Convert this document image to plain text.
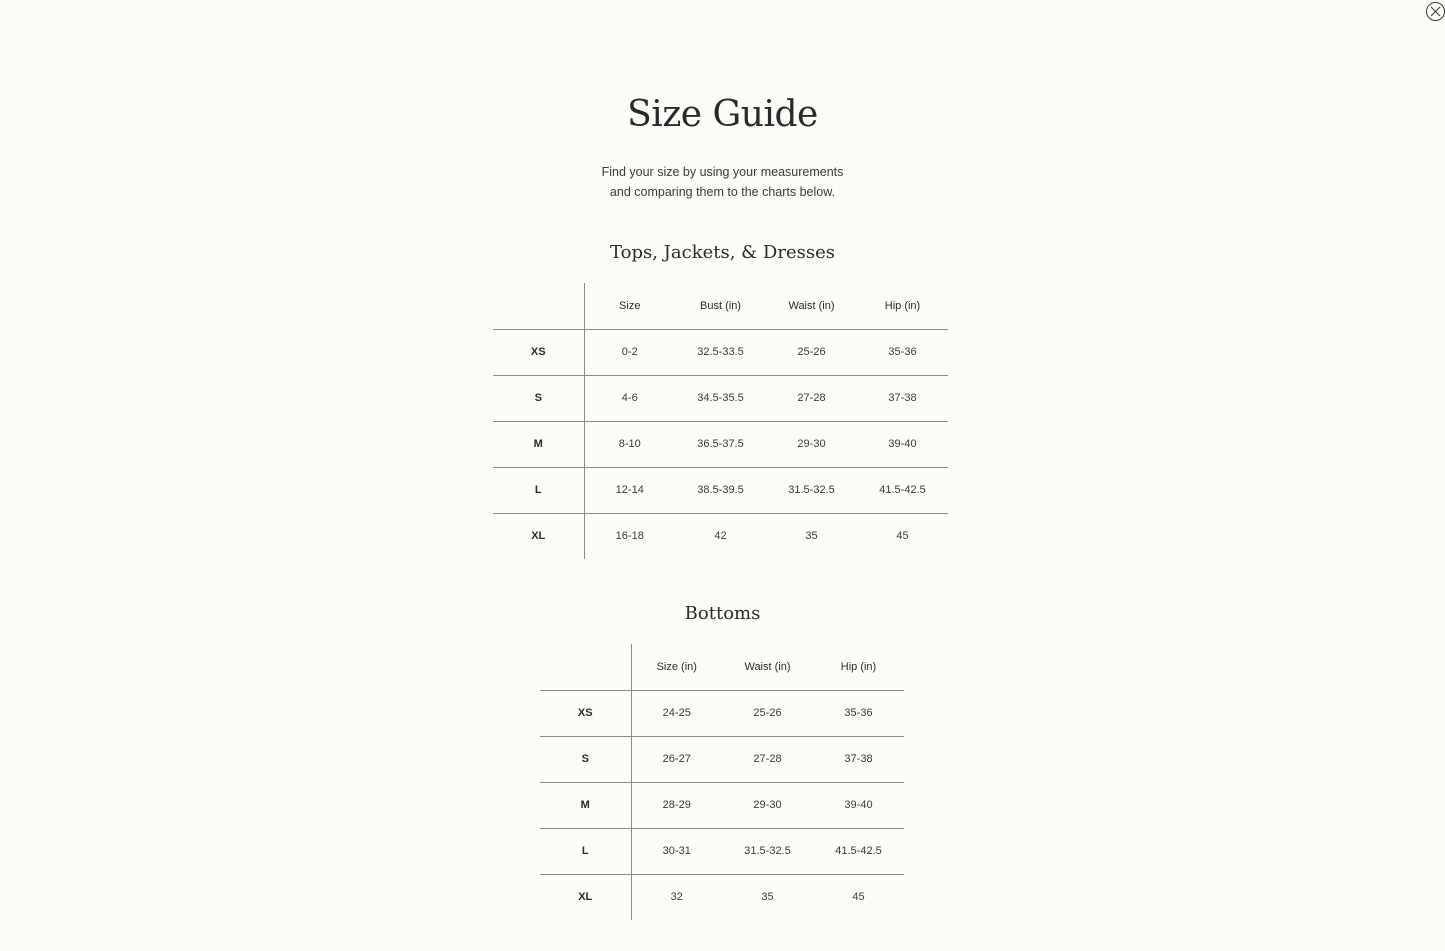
Size Guide
Find your size by using your measurements
and comparing them to the charts below.
Tops, Jackets, & Dresses
	Size	Bust (in)	Waist (in)	Hip (in)
XS	0-2	32.5-33.5	25-26	35-36
S	4-6	34.5-35.5	27-28	37-38
M	8-10	36.5-37.5	29-30	39-40
L	12-14	38.5-39.5	31.5-32.5	41.5-42.5
XL	16-18	42	35	45
Bottoms
	Size (in)	Waist (in)	Hip (in)
XS	24-25	25-26	35-36
S	26-27	27-28	37-38
M	28-29	29-30	39-40
L	30-31	31.5-32.5	41.5-42.5
XL	32	35	45
